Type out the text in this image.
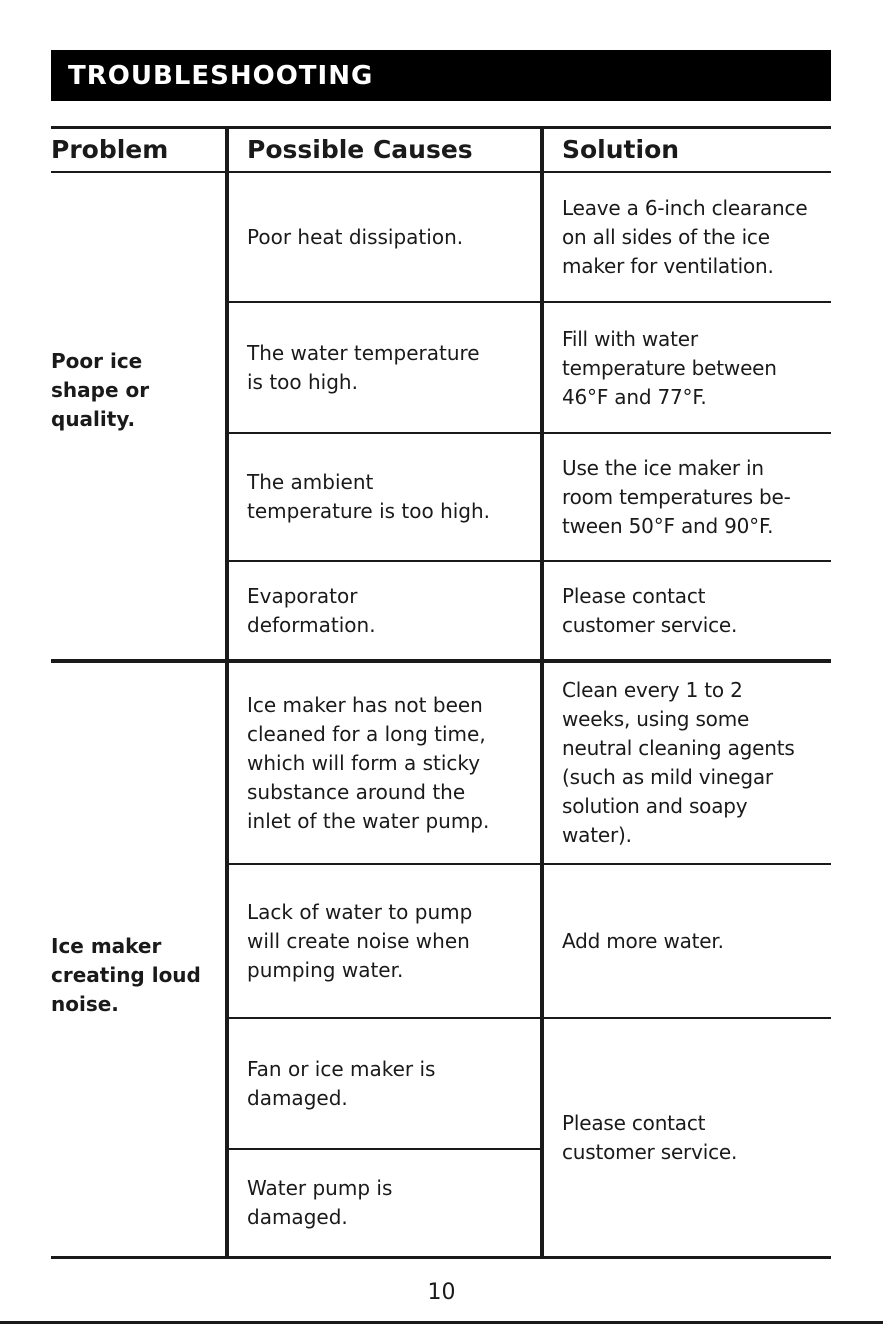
TROUBLESHOOTING
Problem	Possible Causes	Solution
Poor ice
shape or
quality.
Ice maker
creating loud
noise.
Poor heat dissipation.
Leave a 6-inch clearance
on all sides of the ice
maker for ventilation.
The water temperature
is too high.
Fill with water
temperature between
46°F and 77°F.
The ambient
temperature is too high.
Use the ice maker in
room temperatures be-
tween 50°F and 90°F.
Evaporator
deformation.
Please contact
customer service.
Ice maker has not been
cleaned for a long time,
which will form a sticky
substance around the
inlet of the water pump.
Clean every 1 to 2
weeks, using some
neutral cleaning agents
(such as mild vinegar
solution and soapy
water).
Lack of water to pump
will create noise when
pumping water.
Add more water.
Fan or ice maker is
damaged.
Please contact
customer service.
Water pump is
damaged.
10
